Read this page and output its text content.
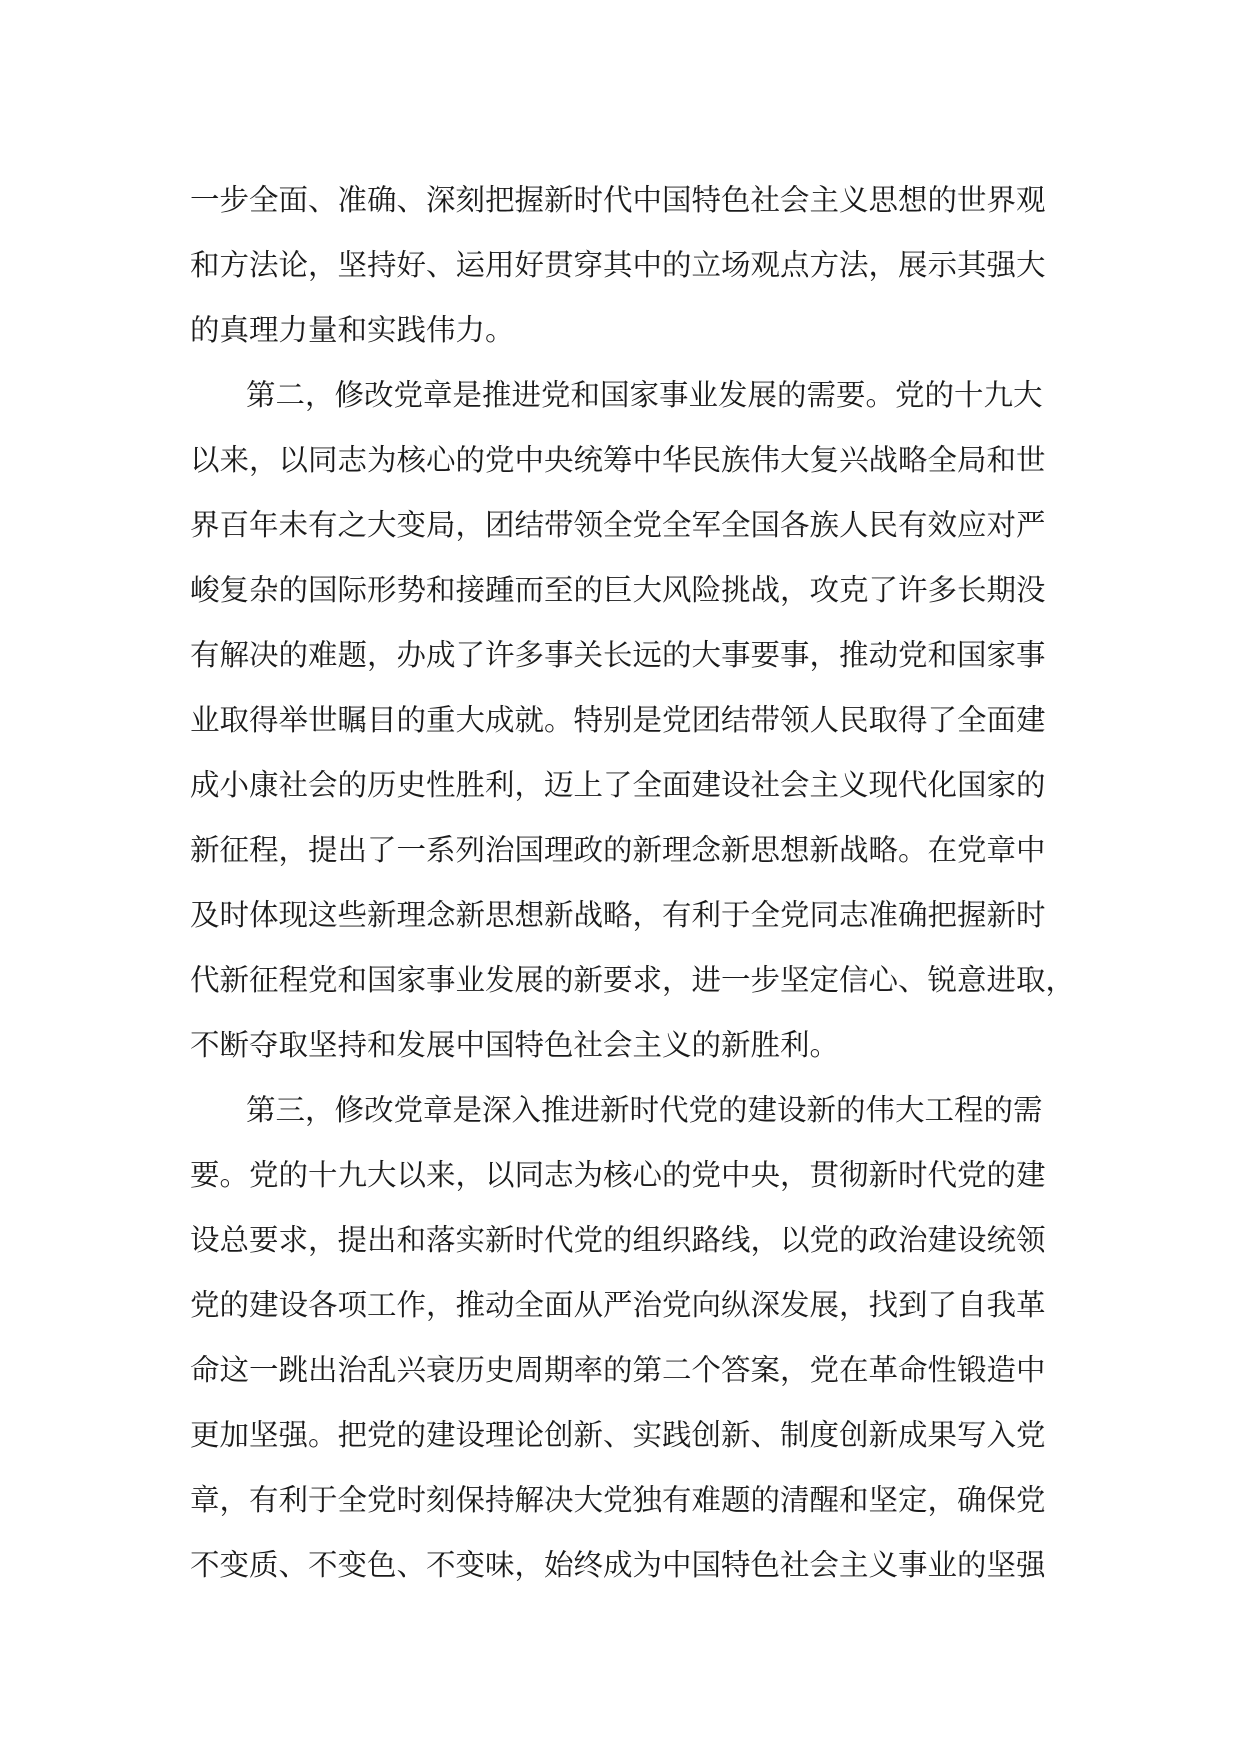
一步全面、准确、深刻把握新时代中国特色社会主义思想的世界观
和方法论，坚持好、运用好贯穿其中的立场观点方法，展示其强大
的真理力量和实践伟力。
第二，修改党章是推进党和国家事业发展的需要。党的十九大
以来，以同志为核心的党中央统筹中华民族伟大复兴战略全局和世
界百年未有之大变局，团结带领全党全军全国各族人民有效应对严
峻复杂的国际形势和接踵而至的巨大风险挑战，攻克了许多长期没
有解决的难题，办成了许多事关长远的大事要事，推动党和国家事
业取得举世瞩目的重大成就。特别是党团结带领人民取得了全面建
成小康社会的历史性胜利，迈上了全面建设社会主义现代化国家的
新征程，提出了一系列治国理政的新理念新思想新战略。在党章中
及时体现这些新理念新思想新战略，有利于全党同志准确把握新时
代新征程党和国家事业发展的新要求，进一步坚定信心、锐意进取，
不断夺取坚持和发展中国特色社会主义的新胜利。
第三，修改党章是深入推进新时代党的建设新的伟大工程的需
要。党的十九大以来，以同志为核心的党中央，贯彻新时代党的建
设总要求，提出和落实新时代党的组织路线，以党的政治建设统领
党的建设各项工作，推动全面从严治党向纵深发展，找到了自我革
命这一跳出治乱兴衰历史周期率的第二个答案，党在革命性锻造中
更加坚强。把党的建设理论创新、实践创新、制度创新成果写入党
章，有利于全党时刻保持解决大党独有难题的清醒和坚定，确保党
不变质、不变色、不变味，始终成为中国特色社会主义事业的坚强
